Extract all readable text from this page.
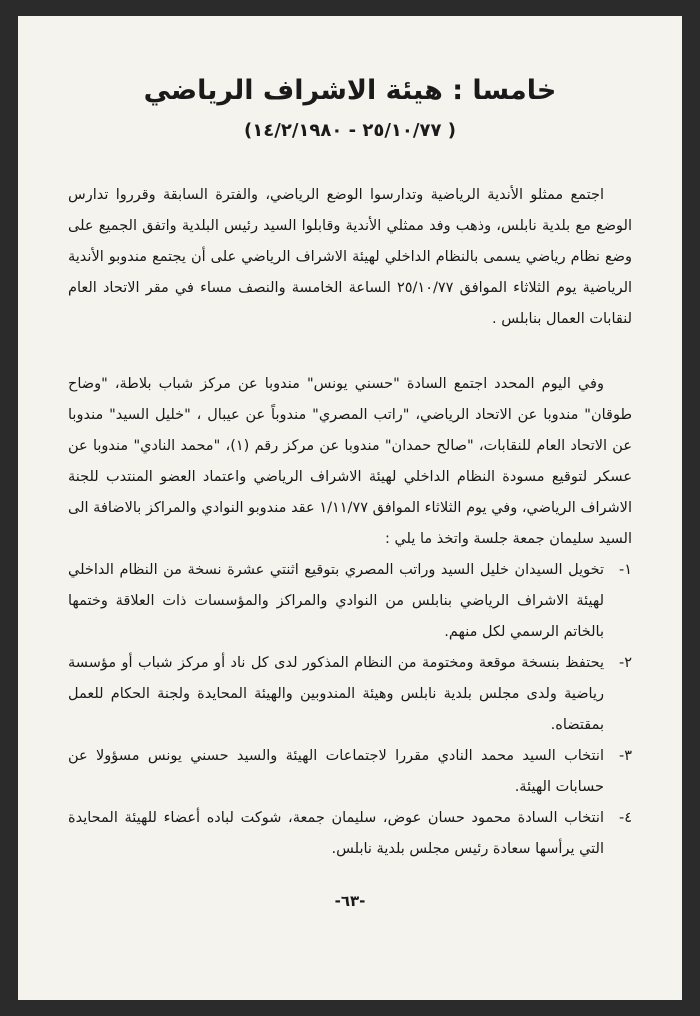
خامسا : هيئة الاشراف الرياضي
( ٢٥/١٠/٧٧ - ١٤/٢/١٩٨٠)

اجتمع ممثلو الأندية الرياضية وتدارسوا الوضع الرياضي، والفترة السابقة وقرروا تدارس الوضع مع بلدية نابلس، وذهب وفد ممثلي الأندية وقابلوا السيد رئيس البلدية واتفق الجميع على وضع نظام رياضي يسمى بالنظام الداخلي لهيئة الاشراف الرياضي على أن يجتمع مندوبو الأندية الرياضية يوم الثلاثاء الموافق ٢٥/١٠/٧٧ الساعة الخامسة والنصف مساء في مقر الاتحاد العام لنقابات العمال بنابلس .

وفي اليوم المحدد اجتمع السادة "حسني يونس" مندوبا عن مركز شباب بلاطة، "وضاح طوقان" مندوبا عن الاتحاد الرياضي، "راتب المصري" مندوباً عن عيبال ، "خليل السيد" مندوبا عن الاتحاد العام للنقابات، "صالح حمدان" مندوبا عن مركز رقم (١)، "محمد النادي" مندوبا عن عسكر لتوقيع مسودة النظام الداخلي لهيئة الاشراف الرياضي واعتماد العضو المنتدب للجنة الاشراف الرياضي، وفي يوم الثلاثاء الموافق ١/١١/٧٧ عقد مندوبو النوادي والمراكز بالاضافة الى السيد سليمان جمعة جلسة واتخذ ما يلي :

١-
تخويل السيدان خليل السيد وراتب المصري بتوقيع اثنتي عشرة نسخة من النظام الداخلي لهيئة الاشراف الرياضي بنابلس من النوادي والمراكز والمؤسسات ذات العلاقة وختمها بالخاتم الرسمي لكل منهم.
٢-
يحتفظ بنسخة موقعة ومختومة من النظام المذكور لدى كل ناد أو مركز شباب أو مؤسسة رياضية ولدى مجلس بلدية نابلس وهيئة المندوبين والهيئة المحايدة ولجنة الحكام للعمل بمقتضاه.
٣-
انتخاب السيد محمد النادي مقررا لاجتماعات الهيئة والسيد حسني يونس مسؤولا عن حسابات الهيئة.
٤-
انتخاب السادة محمود حسان عوض، سليمان جمعة، شوكت لباده أعضاء للهيئة المحايدة التي يرأسها سعادة رئيس مجلس بلدية نابلس.
-٦٣-
